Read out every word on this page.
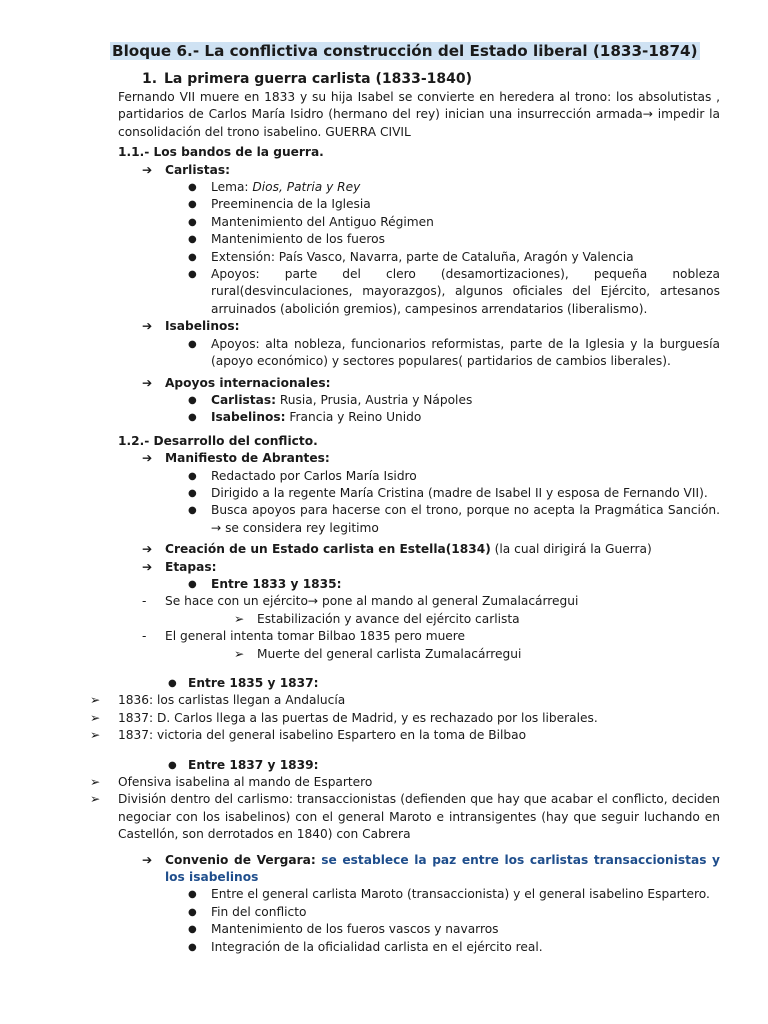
Bloque 6.- La conflictiva construcción del Estado liberal (1833-1874)
1. La primera guerra carlista (1833-1840)

Fernando VII muere en 1833 y su hija Isabel se convierte en heredera al trono: los absolutistas , partidarios de Carlos María Isidro (hermano del rey) inician una insurrección armada→ impedir la consolidación del trono isabelino. GUERRA CIVIL

1.1.- Los bandos de la guerra.
➔ Carlistas:
● Lema: Dios, Patria y Rey
● Preeminencia de la Iglesia
● Mantenimiento del Antiguo Régimen
● Mantenimiento de los fueros
● Extensión: País Vasco, Navarra, parte de Cataluña, Aragón y Valencia
● Apoyos: parte del clero (desamortizaciones), pequeña nobleza rural(desvinculaciones, mayorazgos), algunos oficiales del Ejército, artesanos arruinados (abolición gremios), campesinos arrendatarios (liberalismo).
➔ Isabelinos:
● Apoyos: alta nobleza, funcionarios reformistas, parte de la Iglesia y la burguesía (apoyo económico) y sectores populares( partidarios de cambios liberales).
➔ Apoyos internacionales:
● Carlistas: Rusia, Prusia, Austria y Nápoles
● Isabelinos: Francia y Reino Unido
1.2.- Desarrollo del conflicto.
➔ Manifiesto de Abrantes:
● Redactado por Carlos María Isidro
● Dirigido a la regente María Cristina (madre de Isabel II y esposa de Fernando VII).
● Busca apoyos para hacerse con el trono, porque no acepta la Pragmática Sanción. → se considera rey legitimo
➔ Creación de un Estado carlista en Estella(1834) (la cual dirigirá la Guerra)
➔ Etapas:
● Entre 1833 y 1835:
- Se hace con un ejército→ pone al mando al general Zumalacárregui
➢ Estabilización y avance del ejército carlista
- El general intenta tomar Bilbao 1835 pero muere
➢ Muerte del general carlista Zumalacárregui
● Entre 1835 y 1837:
➢ 1836: los carlistas llegan a Andalucía
➢ 1837: D. Carlos llega a las puertas de Madrid, y es rechazado por los liberales.
➢ 1837: victoria del general isabelino Espartero en la toma de Bilbao
● Entre 1837 y 1839:
➢ Ofensiva isabelina al mando de Espartero
➢ División dentro del carlismo: transaccionistas (defienden que hay que acabar el conflicto, deciden negociar con los isabelinos) con el general Maroto e intransigentes (hay que seguir luchando en Castellón, son derrotados en 1840) con Cabrera
➔ Convenio de Vergara: se establece la paz entre los carlistas transaccionistas y los isabelinos
● Entre el general carlista Maroto (transaccionista) y el general isabelino Espartero.
● Fin del conflicto
● Mantenimiento de los fueros vascos y navarros
● Integración de la oficialidad carlista en el ejército real.
